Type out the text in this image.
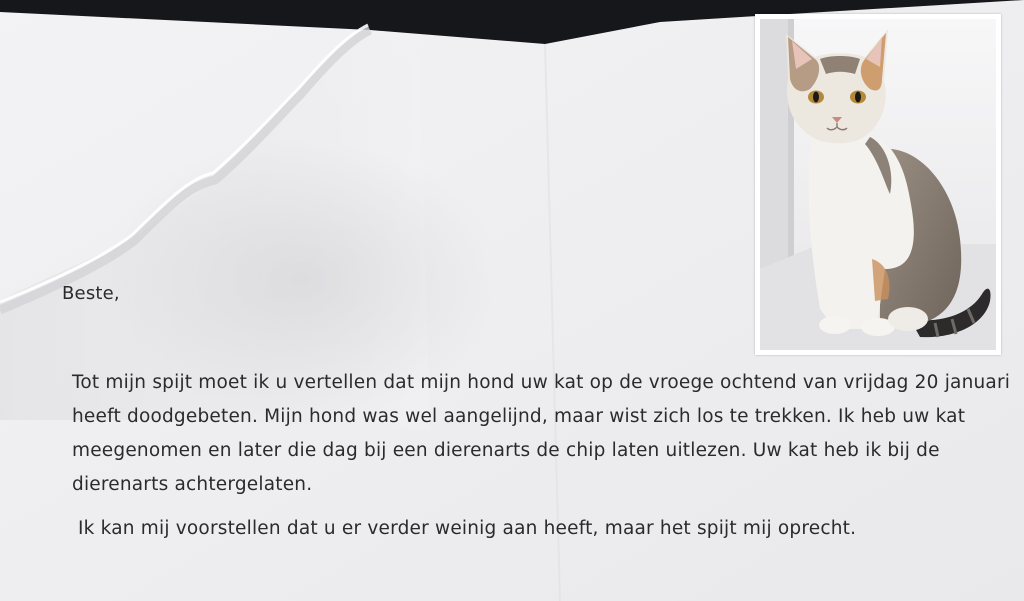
Beste,
Tot mijn spijt moet ik u vertellen dat mijn hond uw kat op de vroege ochtend van vrijdag 20 januari
heeft doodgebeten. Mijn hond was wel aangelijnd, maar wist zich los te trekken. Ik heb uw kat
meegenomen en later die dag bij een dierenarts de chip laten uitlezen. Uw kat heb ik bij de
dierenarts achtergelaten.
Ik kan mij voorstellen dat u er verder weinig aan heeft, maar het spijt mij oprecht.
